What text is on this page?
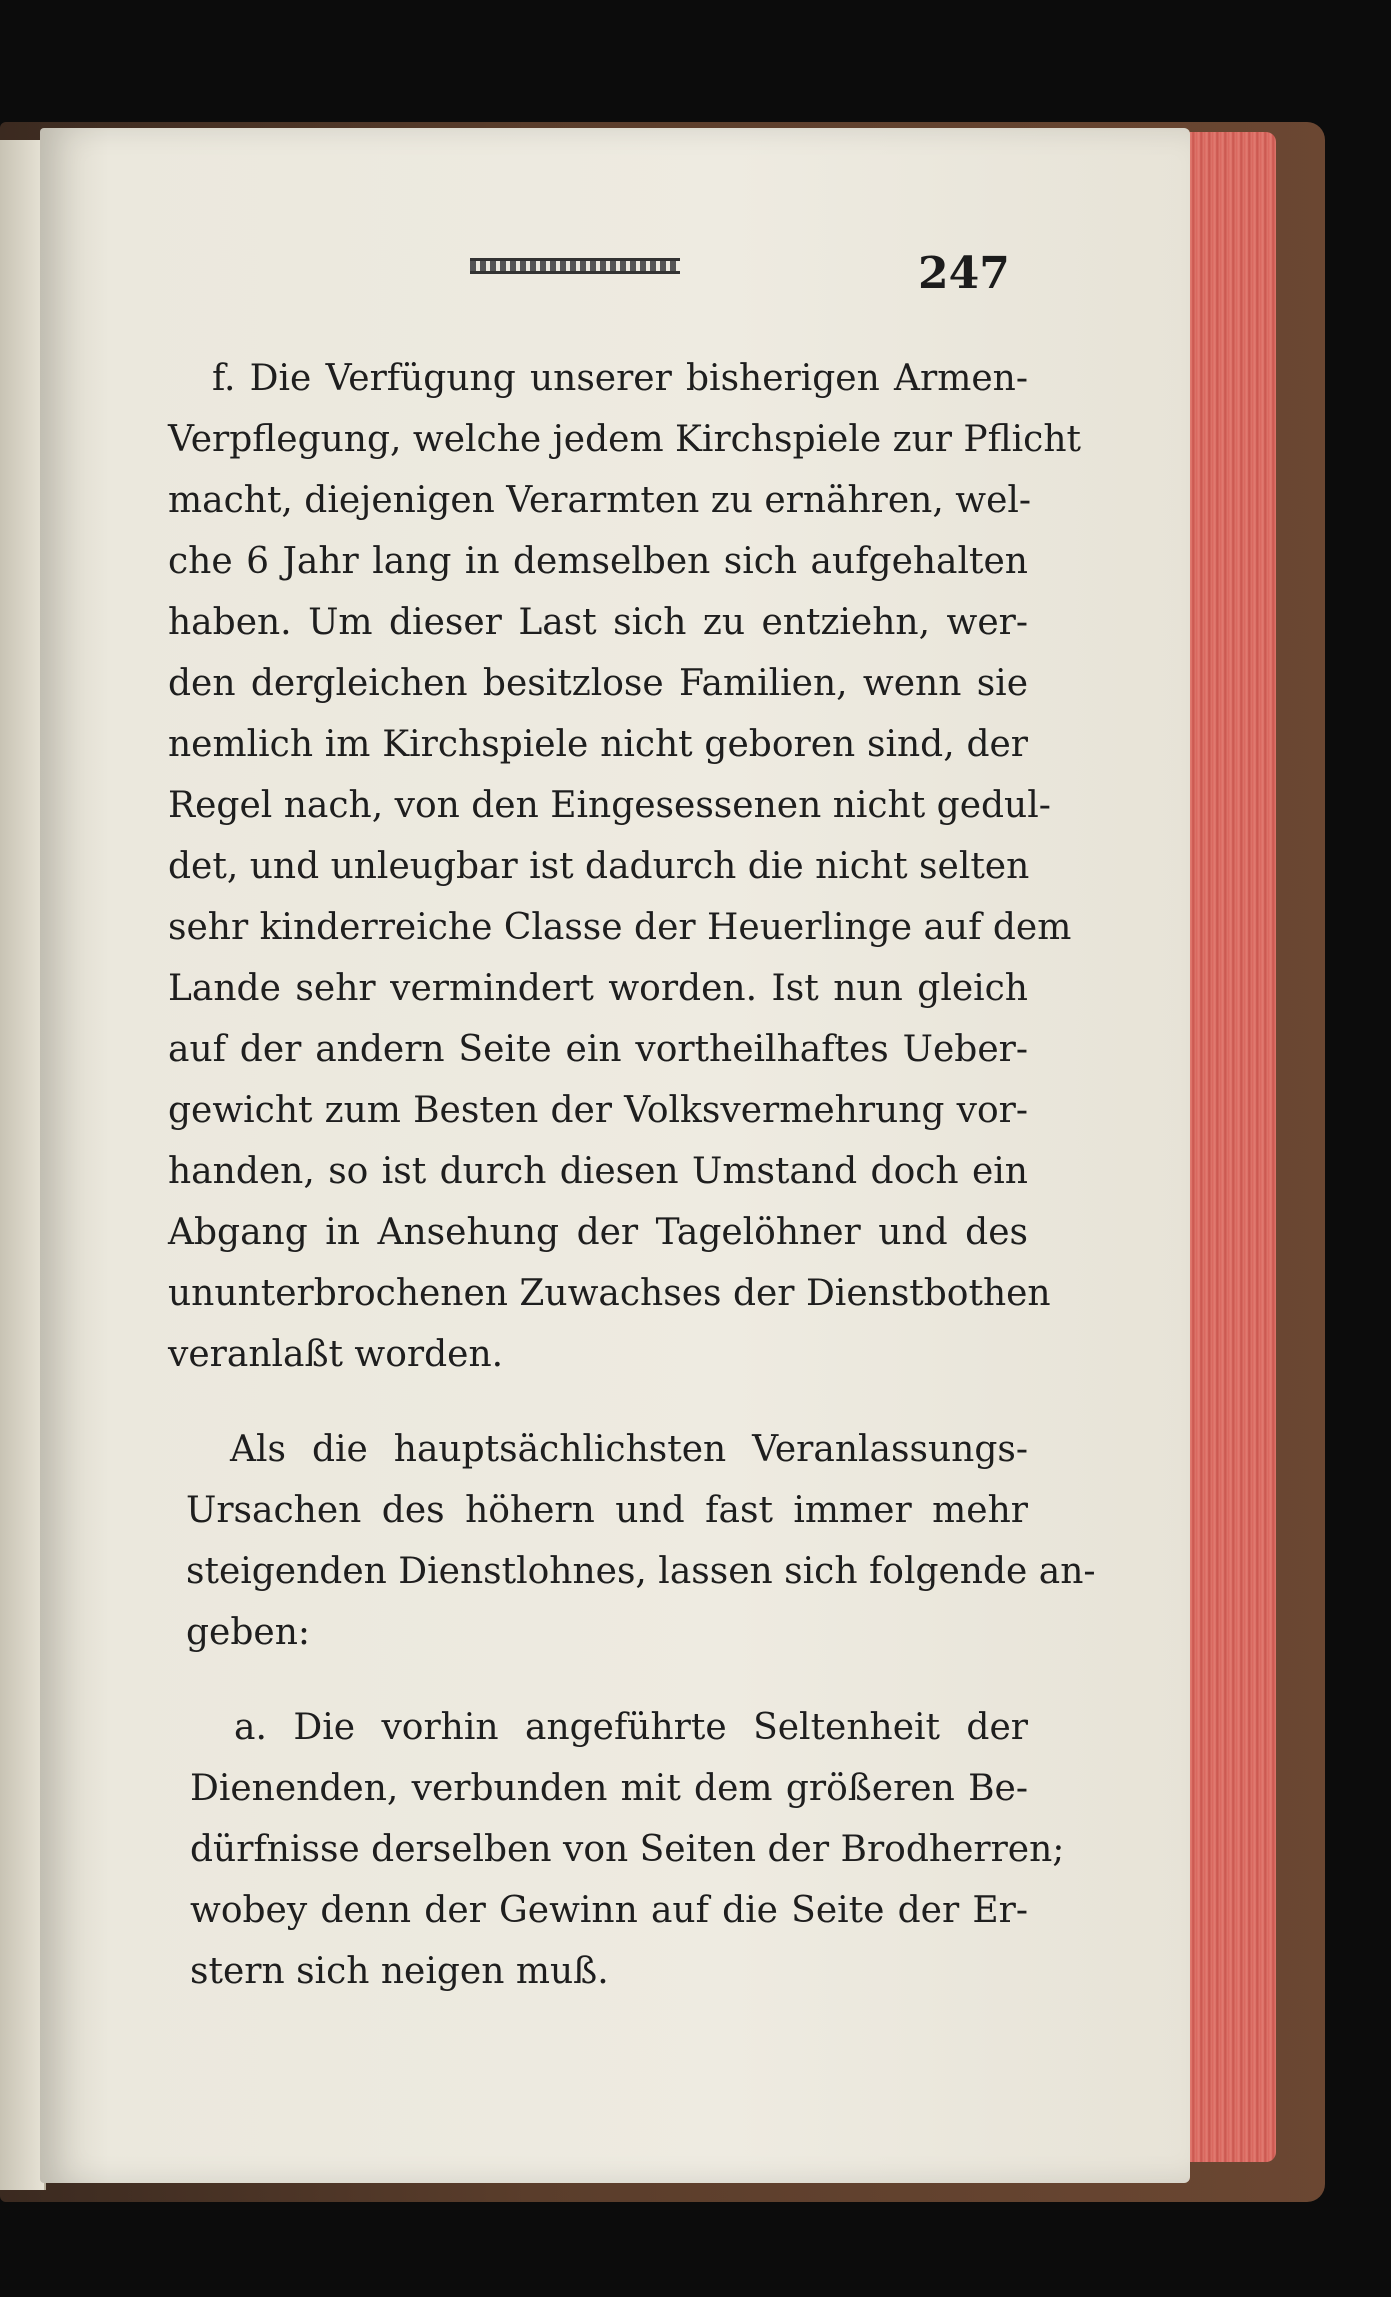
247
f. Die Verfügung unserer bisherigen Armen-
Verpflegung, welche jedem Kirchspiele zur Pflicht
macht, diejenigen Verarmten zu ernähren, wel-
che 6 Jahr lang in demselben sich aufgehalten
haben. Um dieser Last sich zu entziehn, wer-
den dergleichen besitzlose Familien, wenn sie
nemlich im Kirchspiele nicht geboren sind, der
Regel nach, von den Eingesessenen nicht gedul-
det, und unleugbar ist dadurch die nicht selten
sehr kinderreiche Classe der Heuerlinge auf dem
Lande sehr vermindert worden. Ist nun gleich
auf der andern Seite ein vortheilhaftes Ueber-
gewicht zum Besten der Volksvermehrung vor-
handen, so ist durch diesen Umstand doch ein
Abgang in Ansehung der Tagelöhner und des
ununterbrochenen Zuwachses der Dienstbothen
veranlaßt worden.
Als die hauptsächlichsten Veranlassungs-
Ursachen des höhern und fast immer mehr
steigenden Dienstlohnes, lassen sich folgende an-
geben:
a. Die vorhin angeführte Seltenheit der
Dienenden, verbunden mit dem größeren Be-
dürfnisse derselben von Seiten der Brodherren;
wobey denn der Gewinn auf die Seite der Er-
stern sich neigen muß.
